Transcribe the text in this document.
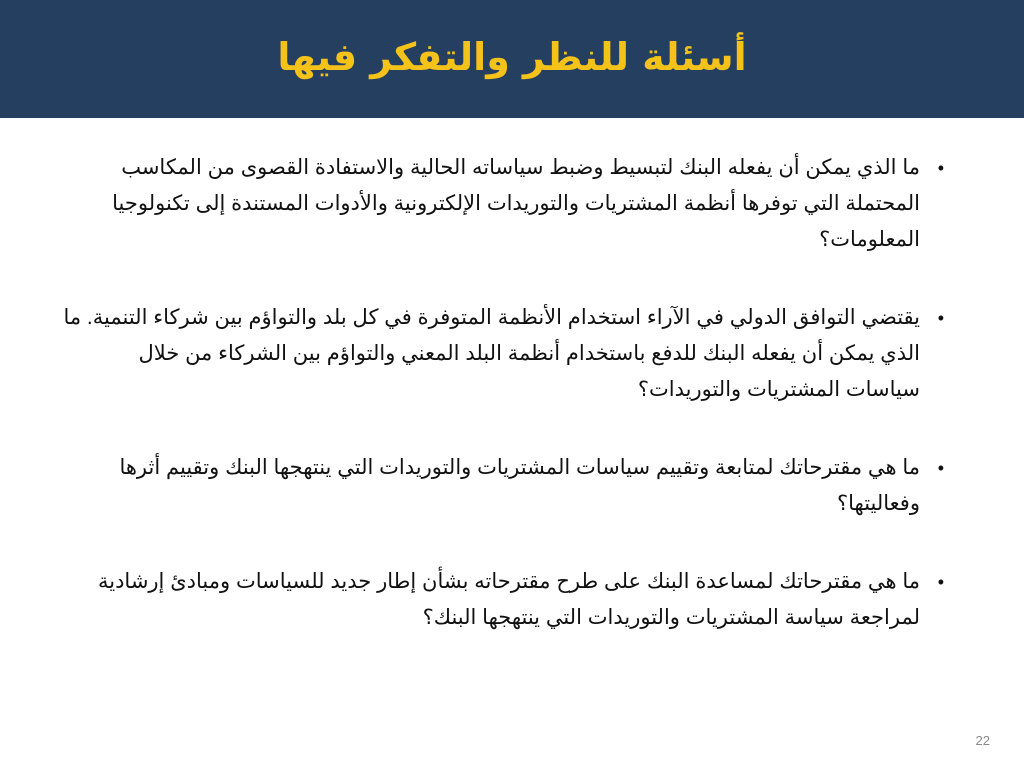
أسئلة للنظر والتفكر فيها
•
ما الذي يمكن أن يفعله البنك لتبسيط وضبط سياساته الحالية والاستفادة القصوى من المكاسب المحتملة التي توفرها أنظمة المشتريات والتوريدات الإلكترونية والأدوات المستندة إلى تكنولوجيا المعلومات؟
•
يقتضي التوافق الدولي في الآراء استخدام الأنظمة المتوفرة في كل بلد والتواؤم بين شركاء التنمية. ما الذي يمكن أن يفعله البنك للدفع باستخدام أنظمة البلد المعني والتواؤم بين الشركاء من خلال سياسات المشتريات والتوريدات؟
•
ما هي مقترحاتك لمتابعة وتقييم سياسات المشتريات والتوريدات التي ينتهجها البنك وتقييم أثرها وفعاليتها؟
•
ما هي مقترحاتك لمساعدة البنك على طرح مقترحاته بشأن إطار جديد للسياسات ومبادئ إرشادية لمراجعة سياسة المشتريات والتوريدات التي ينتهجها البنك؟
22
